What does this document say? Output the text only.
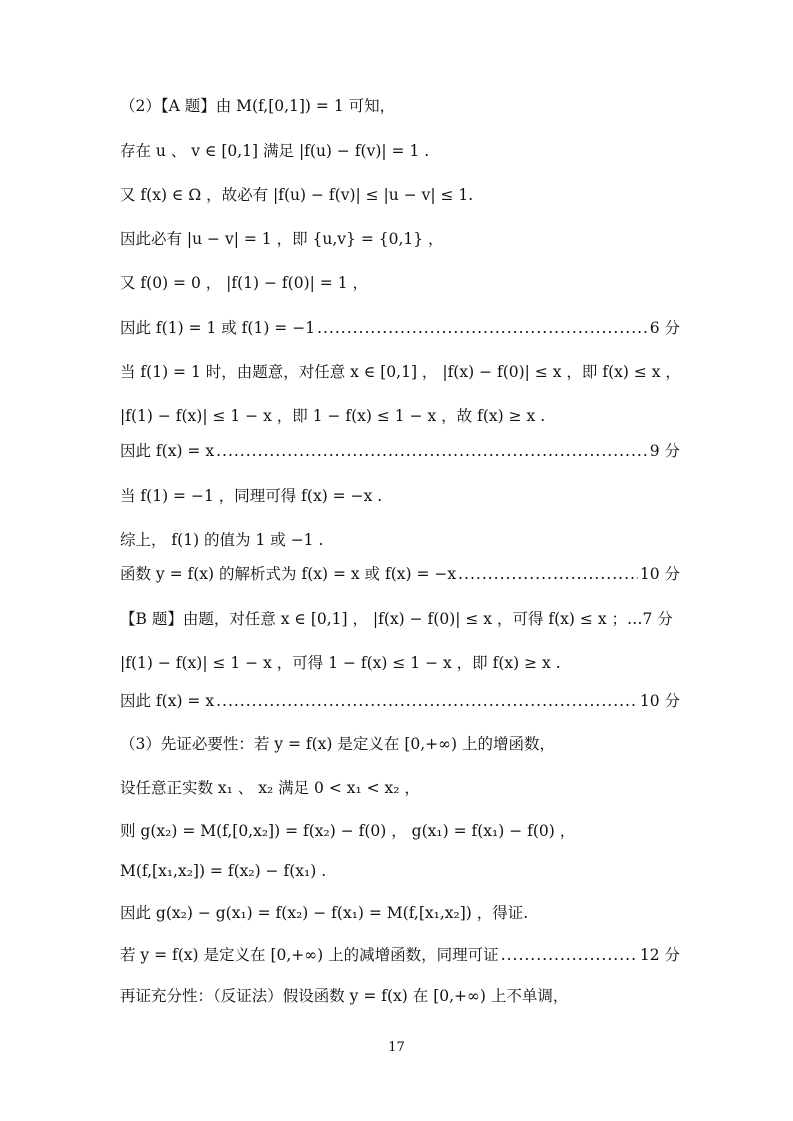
（2）【A 题】由 M(f,[0,1]) = 1 可知，
存在 u 、 v ∈ [0,1] 满足 |f(u) − f(v)| = 1 .
又 f(x) ∈ Ω ，故必有 |f(u) − f(v)| ≤ |u − v| ≤ 1.
因此必有 |u − v| = 1 ，即 {u,v} = {0,1} ，
又 f(0) = 0 ， |f(1) − f(0)| = 1 ，
因此 f(1) = 1 或 f(1) = −1 .....	6 分
当 f(1) = 1 时，由题意，对任意 x ∈ [0,1] ， |f(x) − f(0)| ≤ x ，即 f(x) ≤ x ，
|f(1) − f(x)| ≤ 1 − x ，即 1 − f(x) ≤ 1 − x ，故 f(x) ≥ x .
因此 f(x) = x .....	9 分
当 f(1) = −1 ，同理可得 f(x) = −x .
综上， f(1) 的值为 1 或 −1 .
函数 y = f(x) 的解析式为 f(x) = x 或 f(x) = −x .....	10 分
【B 题】由题，对任意 x ∈ [0,1] ， |f(x) − f(0)| ≤ x ，可得 f(x) ≤ x ；…7 分
|f(1) − f(x)| ≤ 1 − x ，可得 1 − f(x) ≤ 1 − x ，即 f(x) ≥ x .
因此 f(x) = x .....	10 分
（3）先证必要性：若 y = f(x) 是定义在 [0,+∞) 上的增函数，
设任意正实数 x₁ 、 x₂ 满足 0 < x₁ < x₂ ，
则 g(x₂) = M(f,[0,x₂]) = f(x₂) − f(0) ， g(x₁) = f(x₁) − f(0) ，
M(f,[x₁,x₂]) = f(x₂) − f(x₁) .
因此 g(x₂) − g(x₁) = f(x₂) − f(x₁) = M(f,[x₁,x₂]) ，得证.
若 y = f(x) 是定义在 [0,+∞) 上的减增函数，同理可证 .....	12 分
再证充分性：（反证法）假设函数 y = f(x) 在 [0,+∞) 上不单调，
17
